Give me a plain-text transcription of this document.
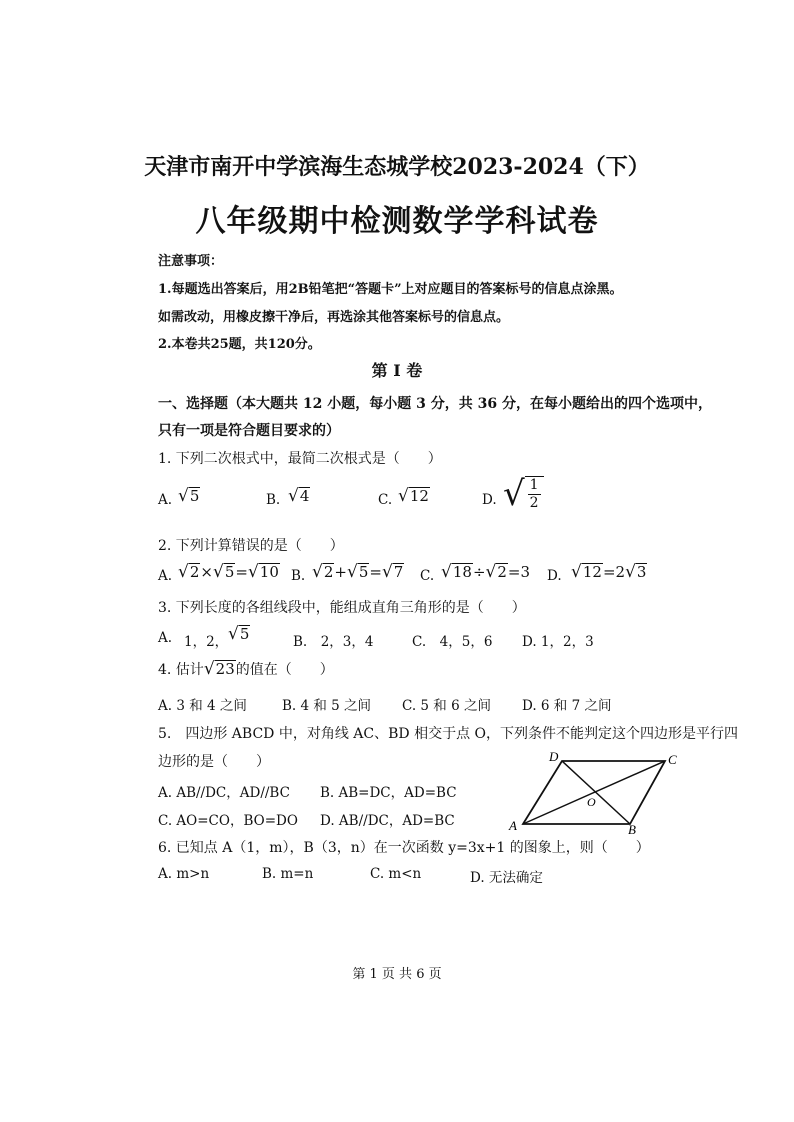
天津市南开中学滨海生态城学校2023-2024（下）
八年级期中检测数学学科试卷
注意事项：
1.每题选出答案后，用2B铅笔把“答题卡”上对应题目的答案标号的信息点涂黑。
如需改动，用橡皮擦干净后，再选涂其他答案标号的信息点。
2.本卷共25题，共120分。
第 I 卷
一、选择题（本大题共 12 小题，每小题 3 分，共 36 分，在每小题给出的四个选项中，
只有一项是符合题目要求的）
1. 下列二次根式中，最简二次根式是（　　）
A. √ 5	B. √ 4	C. √ 12	D. √ $\frac{1}{2}$
2. 下列计算错误的是（　　）
A. √ 2 × √ 5 = √ 10 B. √ 2 + √ 5 = √ 7 C. √ 18 ÷ √ 2 =3 D. √ 12 =2 √ 3
3. 下列长度的各组线段中，能组成直角三角形的是（　　）
A. 1，2， √ 5	B.　2，3，4	C.　4，5，6 D. 1，2，3
4. 估计 √ 23 的值在（　　）
A. 3 和 4 之间	B. 4 和 5 之间 C. 5 和 6 之间 D. 6 和 7 之间
5.　四边形 ABCD 中，对角线 AC、BD 相交于点 O，下列条件不能判定这个四边形是平行四
边形的是（　　）
A. AB//DC，AD//BC B. AB=DC，AD=BC
C. AO=CO，BO=DO D. AB//DC，AD=BC	A	B
C
D
O
6. 已知点 A（1，m），B（3，n）在一次函数 y=3x+1 的图象上，则（　　）
A. m>n	B. m=n	C. m<n	D. 无法确定
第 1 页 共 6 页
